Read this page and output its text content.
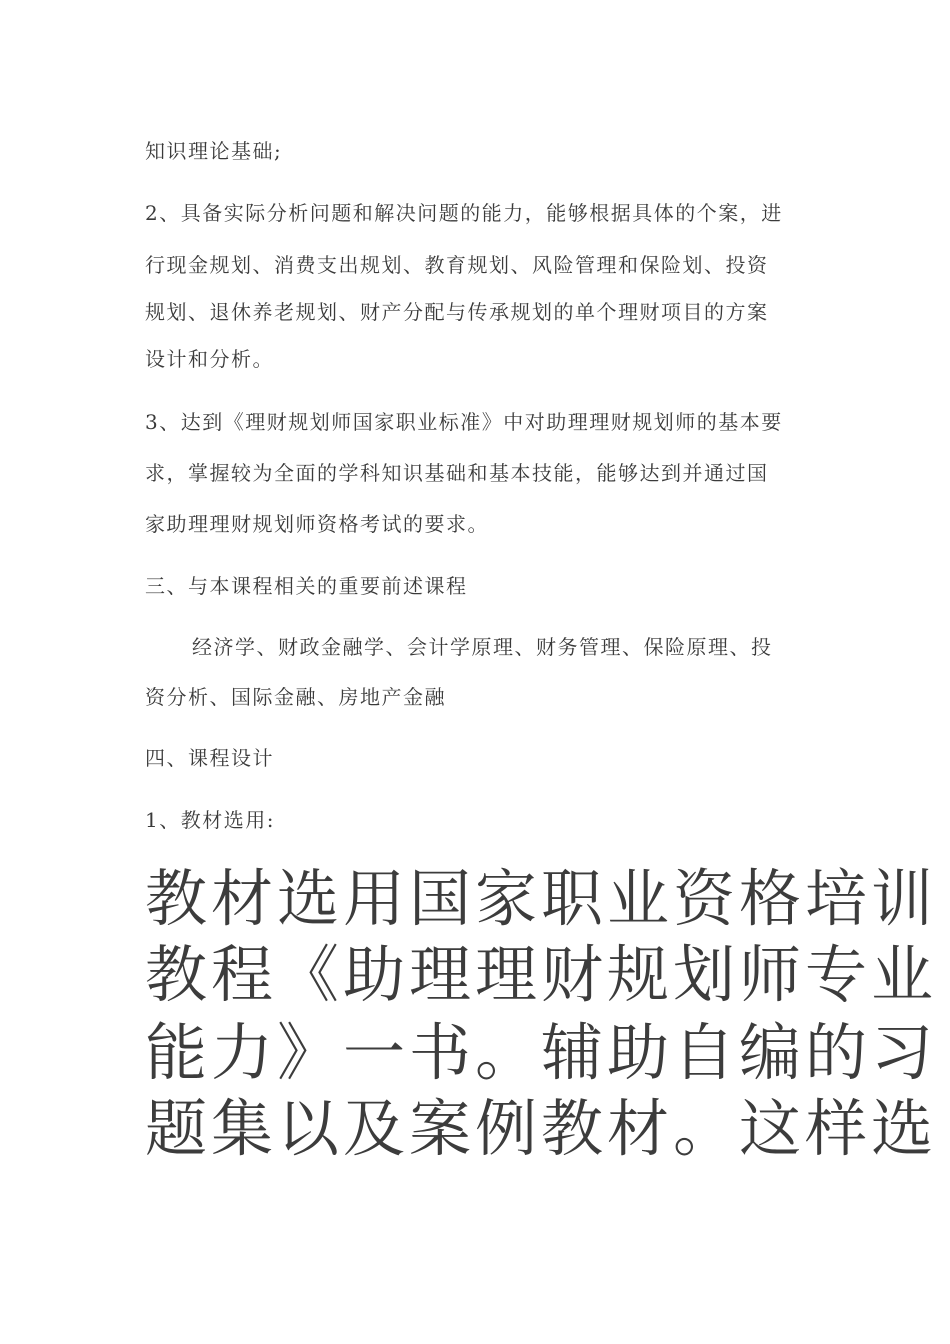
知识理论基础;
2、具备实际分析问题和解决问题的能力，能够根据具体的个案，进
行现金规划、消费支出规划、教育规划、风险管理和保险划、投资
规划、退休养老规划、财产分配与传承规划的单个理财项目的方案
设计和分析。
3、达到《理财规划师国家职业标准》中对助理理财规划师的基本要
求，掌握较为全面的学科知识基础和基本技能，能够达到并通过国
家助理理财规划师资格考试的要求。
三、与本课程相关的重要前述课程
经济学、财政金融学、会计学原理、财务管理、保险原理、投
资分析、国际金融、房地产金融
四、课程设计
1、教材选用:
教材选用国家职业资格培训
教程《助理理财规划师专业
能力》一书。辅助自编的习
题集以及案例教材。这样选
